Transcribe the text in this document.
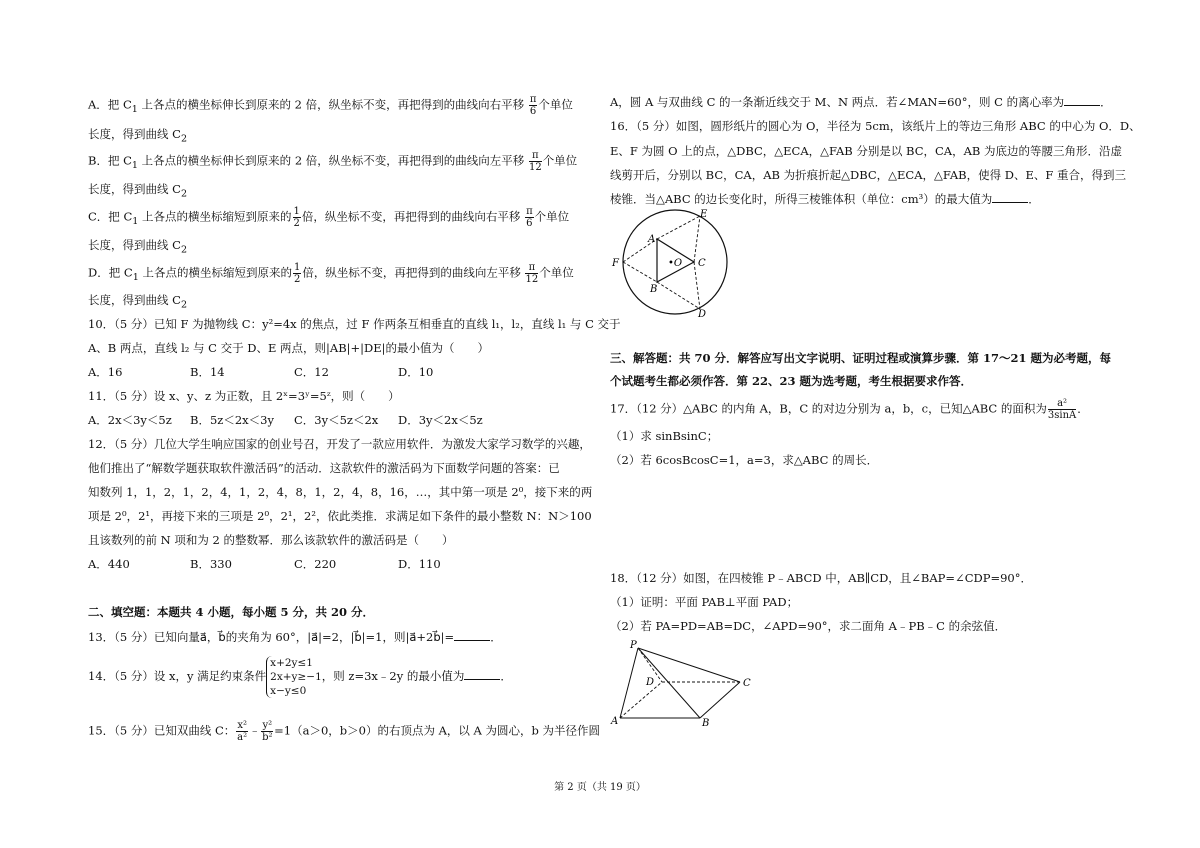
A．把 $C_1$ 上各点的横坐标伸长到原来的 2 倍，纵坐标不变，再把得到的曲线向右平移 $\frac{\pi}{6}$ 个单位
长度，得到曲线 $C_2$
B．把 $C_1$ 上各点的横坐标伸长到原来的 2 倍，纵坐标不变，再把得到的曲线向左平移 $\frac{\pi}{12}$ 个单位
长度，得到曲线 $C_2$
C．把 $C_1$ 上各点的横坐标缩短到原来的 $\frac{1}{2}$ 倍，纵坐标不变，再把得到的曲线向右平移 $\frac{\pi}{6}$ 个单位
长度，得到曲线 $C_2$
D．把 $C_1$ 上各点的横坐标缩短到原来的 $\frac{1}{2}$ 倍，纵坐标不变，再把得到的曲线向左平移 $\frac{\pi}{12}$ 个单位
长度，得到曲线 $C_2$
10．（5 分）已知 F 为抛物线 C：y²=4x 的焦点，过 F 作两条互相垂直的直线 l₁，l₂，直线 l₁ 与 C 交于
A、B 两点，直线 l₂ 与 C 交于 D、E 两点，则|AB|+|DE|的最小值为（　　）
A．16	B．14	C．12	D．10
11．（5 分）设 x、y、z 为正数，且 2ˣ=3ʸ=5ᶻ，则（　　）
A．2x＜3y＜5z B．5z＜2x＜3y C．3y＜5z＜2x D．3y＜2x＜5z
12．（5 分）几位大学生响应国家的创业号召，开发了一款应用软件．为激发大家学习数学的兴趣，
他们推出了“解数学题获取软件激活码”的活动．这款软件的激活码为下面数学问题的答案：已
知数列 1，1，2，1，2，4，1，2，4，8，1，2，4，8，16，…，其中第一项是 2⁰，接下来的两
项是 2⁰，2¹，再接下来的三项是 2⁰，2¹，2²，依此类推．求满足如下条件的最小整数 N：N＞100
且该数列的前 N 项和为 2 的整数幂．那么该款软件的激活码是（　　）
A．440	B．330	C．220	D．110
二、填空题：本题共 4 小题，每小题 5 分，共 20 分．
13．（5 分）已知向量a⃗，b⃗的夹角为 60°，|a⃗|=2，|b⃗|=1，则|a⃗+2b⃗|=	．
14．（5 分）设 x，y 满足约束条件
x+2y≤1
2x+y≥−1
x−y≤0
，则 z=3x﹣2y 的最小值为	．
15．（5 分）已知双曲线 C： $\frac{\text{x²}}{\text{a²}}$ ﹣ $\frac{\text{y²}}{\text{b²}} =1(a>0$，b＞0）的右顶点为 A，以 A 为圆心，b 为半径作圆
A，圆 A 与双曲线 C 的一条渐近线交于 M、N 两点．若∠MAN=60°，则 C 的离心率为	．
16．（5 分）如图，圆形纸片的圆心为 O，半径为 5cm，该纸片上的等边三角形 ABC 的中心为 O．D、
E、F 为圆 O 上的点，△DBC，△ECA，△FAB 分别是以 BC，CA，AB 为底边的等腰三角形．沿虚
线剪开后，分别以 BC，CA，AB 为折痕折起△DBC，△ECA，△FAB，使得 D、E、F 重合，得到三
棱锥．当△ABC 的边长变化时，所得三棱锥体积（单位：cm³）的最大值为	．
E
A
F	•O C
B
D
三、解答题：共 70 分．解答应写出文字说明、证明过程或演算步骤．第 17～21 题为必考题，每
个试题考生都必须作答．第 22、23 题为选考题，考生根据要求作答．
17．（12 分）△ABC 的内角 A，B，C 的对边分别为 a，b，c，已知△ABC 的面积为 $\frac{\text{a²}}{3\sin A}$ ．
（1）求 sinBsinC；
（2）若 6cosBcosC=1，a=3，求△ABC 的周长．
18．（12 分）如图，在四棱锥 P﹣ABCD 中，AB∥CD，且∠BAP=∠CDP=90°．
（1）证明：平面 PAB⊥平面 PAD；
（2）若 PA=PD=AB=DC，∠APD=90°，求二面角 A﹣PB﹣C 的余弦值．
P
D	C
A	B
第 2 页（共 19 页）
